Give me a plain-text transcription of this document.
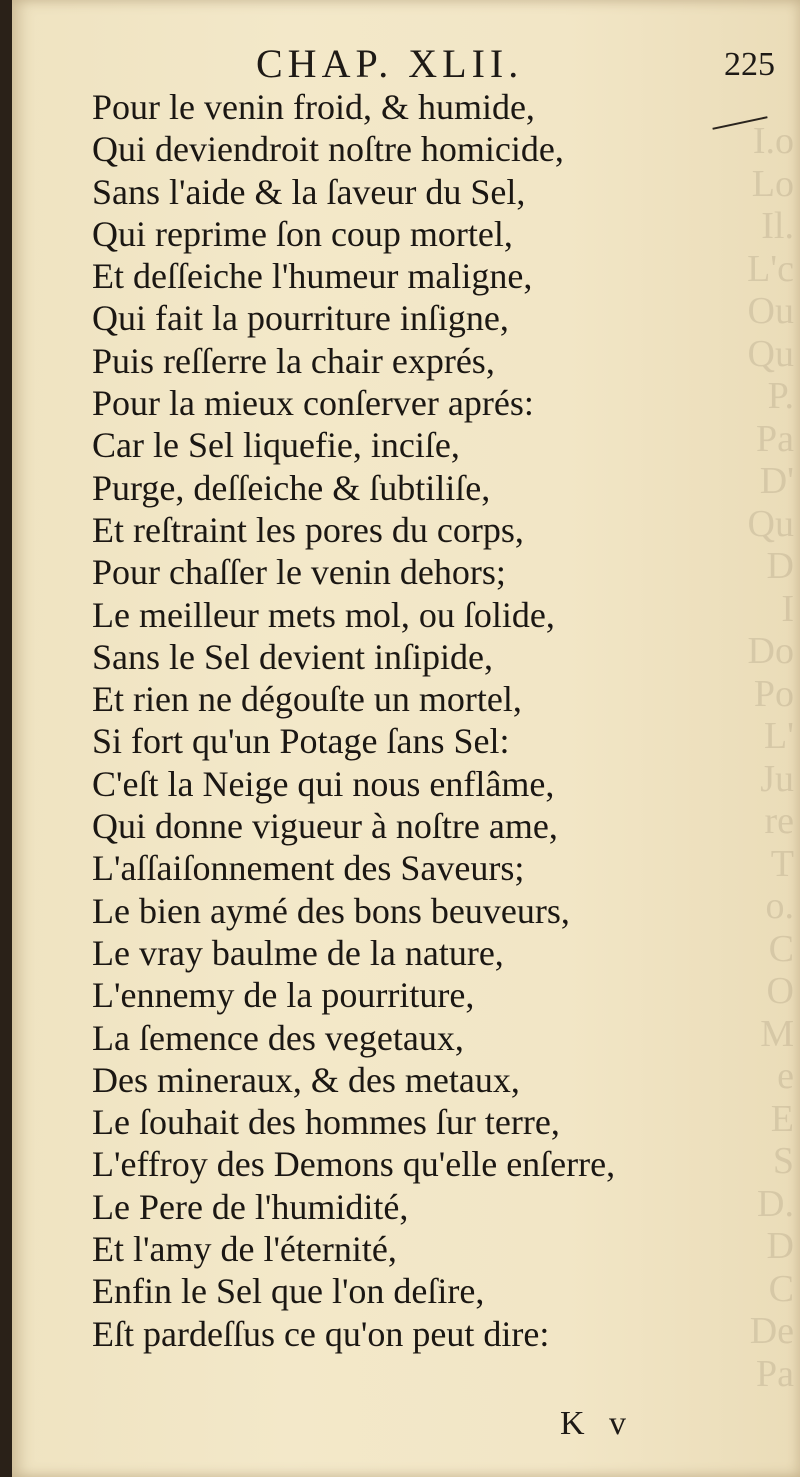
I.o
Lo
Il.
L'c
Ou
Qu
P.
Pa
D'
Qu
D
I
Do
Po
L'
Ju
re
T
o.
C
O
M
e
E
S
D.
D
C
De
Pa
CHAP. XLII.	225
Pour le venin froid, & humide,
Qui deviendroit noſtre homicide,
Sans l'aide & la ſaveur du Sel,
Qui reprime ſon coup mortel,
Et deſſeiche l'humeur maligne,
Qui fait la pourriture inſigne,
Puis reſſerre la chair exprés,
Pour la mieux conſerver aprés:
Car le Sel liquefie, inciſe,
Purge, deſſeiche & ſubtiliſe,
Et reſtraint les pores du corps,
Pour chaſſer le venin dehors;
Le meilleur mets mol, ou ſolide,
Sans le Sel devient inſipide,
Et rien ne dégouſte un mortel,
Si fort qu'un Potage ſans Sel:
C'eſt la Neige qui nous enflâme,
Qui donne vigueur à noſtre ame,
L'aſſaiſonnement des Saveurs;
Le bien aymé des bons beuveurs,
Le vray baulme de la nature,
L'ennemy de la pourriture,
La ſemence des vegetaux,
Des mineraux, & des metaux,
Le ſouhait des hommes ſur terre,
L'effroy des Demons qu'elle enſerre,
Le Pere de l'humidité,
Et l'amy de l'éternité,
Enfin le Sel que l'on deſire,
Eſt pardeſſus ce qu'on peut dire:
K v
